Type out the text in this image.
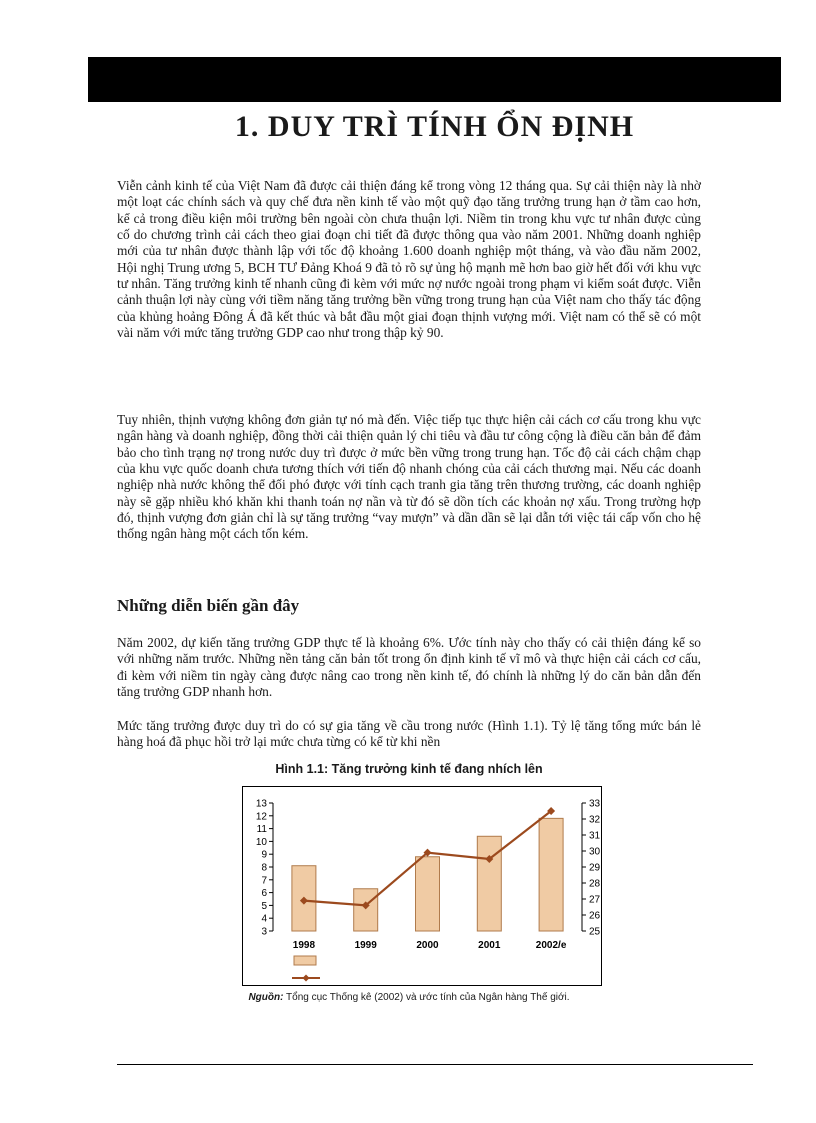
1. DUY TRÌ TÍNH ỔN ĐỊNH

Viễn cảnh kinh tế của Việt Nam đã được cải thiện đáng kể trong vòng 12 tháng qua. Sự cải thiện này là nhờ một loạt các chính sách và quy chế đưa nền kinh tế vào một quỹ đạo tăng trưởng trung hạn ở tầm cao hơn, kể cả trong điều kiện môi trường bên ngoài còn chưa thuận lợi. Niềm tin trong khu vực tư nhân được củng cố do chương trình cải cách theo giai đoạn chi tiết đã được thông qua vào năm 2001. Những doanh nghiệp mới của tư nhân được thành lập với tốc độ khoảng 1.600 doanh nghiệp một tháng, và vào đầu năm 2002, Hội nghị Trung ương 5, BCH TƯ Đảng Khoá 9 đã tỏ rõ sự ủng hộ mạnh mẽ hơn bao giờ hết đối với khu vực tư nhân. Tăng trưởng kinh tế nhanh cũng đi kèm với mức nợ nước ngoài trong phạm vi kiểm soát được. Viễn cảnh thuận lợi này cùng với tiềm năng tăng trưởng bền vững trong trung hạn của Việt nam cho thấy tác động của khủng hoảng Đông Á đã kết thúc và bắt đầu một giai đoạn thịnh vượng mới. Việt nam có thể sẽ có một vài năm với mức tăng trưởng GDP cao như trong thập kỷ 90.

Tuy nhiên, thịnh vượng không đơn giản tự nó mà đến. Việc tiếp tục thực hiện cải cách cơ cấu trong khu vực ngân hàng và doanh nghiệp, đồng thời cải thiện quản lý chi tiêu và đầu tư công cộng là điều căn bản để đảm bảo cho tình trạng nợ trong nước duy trì được ở mức bền vững trong trung hạn. Tốc độ cải cách chậm chạp của khu vực quốc doanh chưa tương thích với tiến độ nhanh chóng của cải cách thương mại. Nếu các doanh nghiệp nhà nước không thể đối phó được với tính cạch tranh gia tăng trên thương trường, các doanh nghiệp này sẽ gặp nhiều khó khăn khi thanh toán nợ nần và từ đó sẽ dồn tích các khoản nợ xấu. Trong trường hợp đó, thịnh vượng đơn giản chỉ là sự tăng trưởng “vay mượn” và dần dần sẽ lại dẫn tới việc tái cấp vốn cho hệ thống ngân hàng một cách tốn kém.

Những diễn biến gần đây

Năm 2002, dự kiến tăng trưởng GDP thực tế là khoảng 6%. Ước tính này cho thấy có cải thiện đáng kể so với những năm trước. Những nền tảng căn bản tốt trong ổn định kinh tế vĩ mô và thực hiện cải cách cơ cấu, đi kèm với niềm tin ngày càng được nâng cao trong nền kinh tế, đó chính là những lý do căn bản dẫn đến tăng trưởng GDP nhanh hơn.

Mức tăng trưởng được duy trì do có sự gia tăng về cầu trong nước (Hình 1.1). Tỷ lệ tăng tổng mức bán lẻ hàng hoá đã phục hồi trở lại mức chưa từng có kể từ khi nền

Hình 1.1: Tăng trưởng kinh tế đang nhích lên

3
4
5
6
7
8
9
10
11
12
13
25
26
27
28
29
30
31
32
33
1998	1999	2000	2001	2002/e

Nguồn: Tổng cục Thống kê (2002) và ước tính của Ngân hàng Thế giới.
